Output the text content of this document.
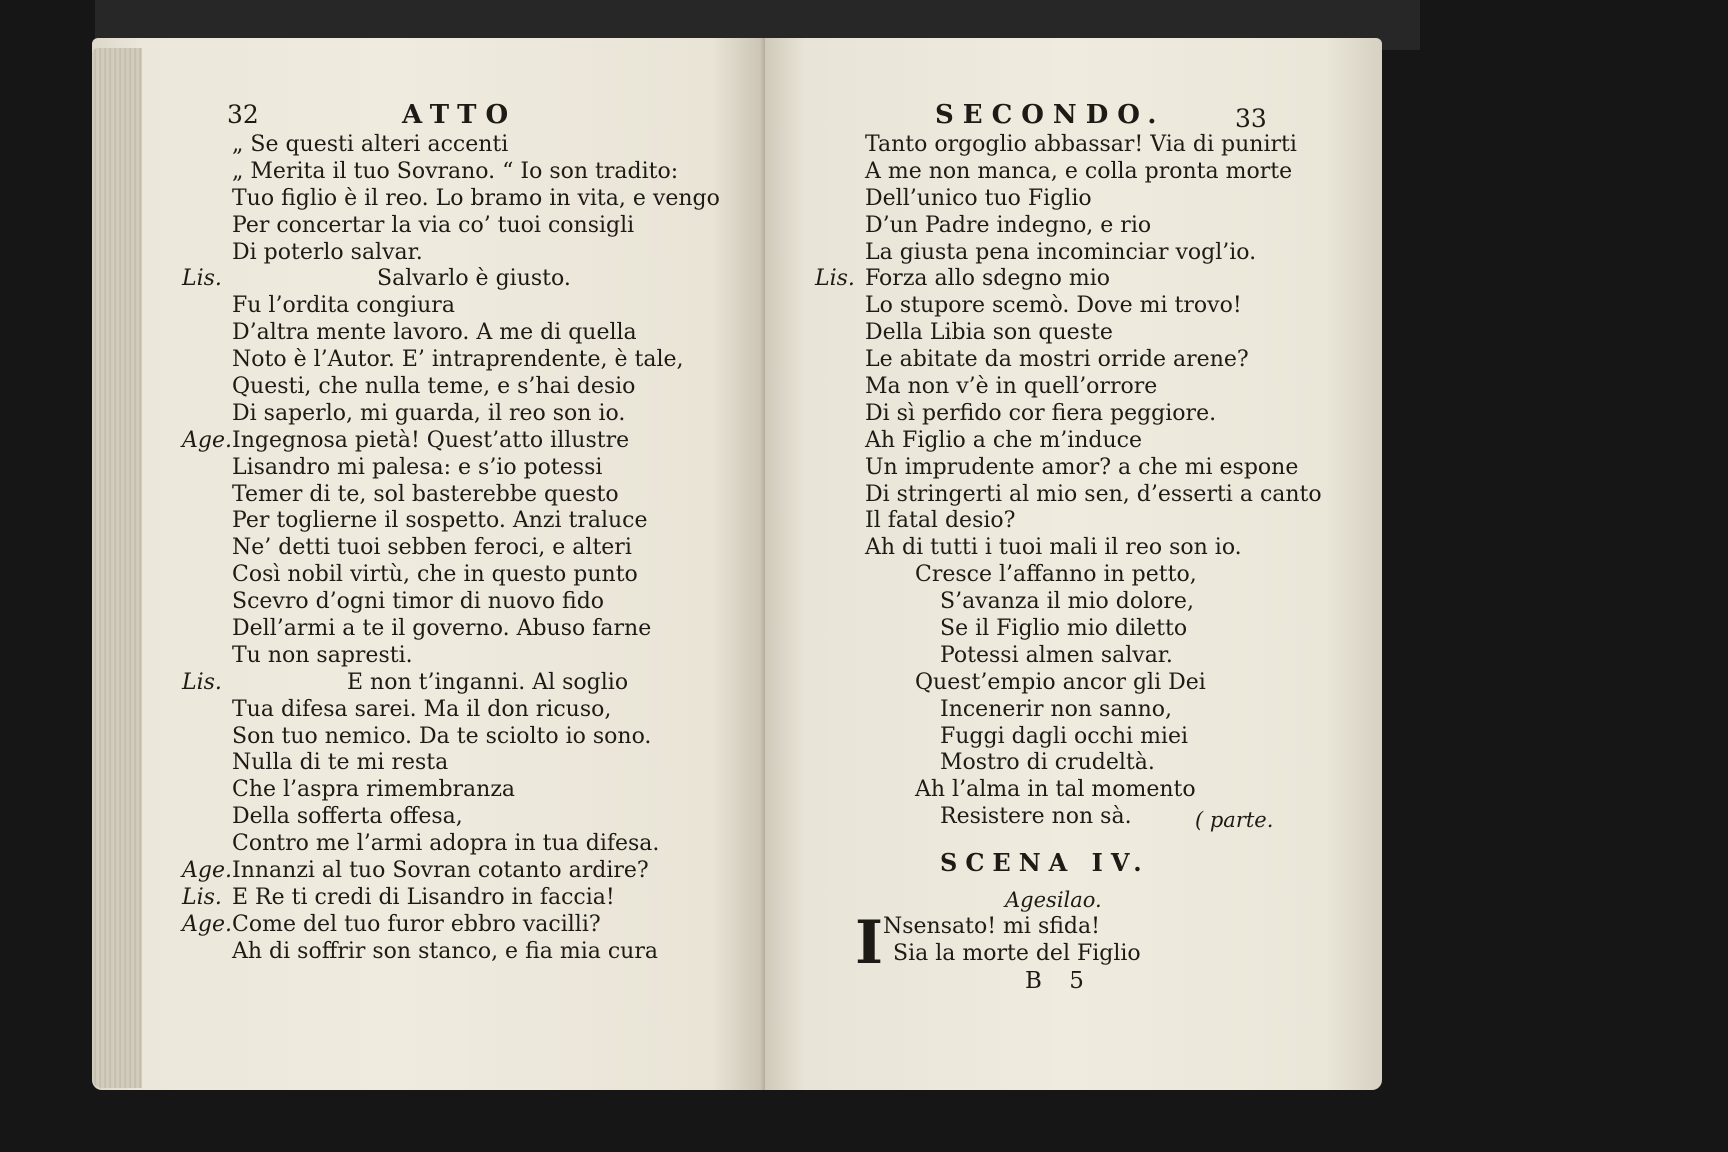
32	ATTO
„ Se questi alteri accenti
„ Merita il tuo Sovrano. “ Io son tradito:
Tuo figlio è il reo. Lo bramo in vita, e vengo
Per concertar la via co’ tuoi consigli
Di poterlo salvar.
Lis.	Salvarlo è giusto.
Fu l’ordita congiura
D’altra mente lavoro. A me di quella
Noto è l’Autor. E’ intraprendente, è tale,
Questi, che nulla teme, e s’hai desio
Di saperlo, mi guarda, il reo son io.
Age. Ingegnosa pietà! Quest’atto illustre
Lisandro mi palesa: e s’io potessi
Temer di te, sol basterebbe questo
Per toglierne il sospetto. Anzi traluce
Ne’ detti tuoi sebben feroci, e alteri
Così nobil virtù, che in questo punto
Scevro d’ogni timor di nuovo fido
Dell’armi a te il governo. Abuso farne
Tu non sapresti.
Lis.	E non t’inganni. Al soglio
Tua difesa sarei. Ma il don ricuso,
Son tuo nemico. Da te sciolto io sono.
Nulla di te mi resta
Che l’aspra rimembranza
Della sofferta offesa,
Contro me l’armi adopra in tua difesa.
Age. Innanzi al tuo Sovran cotanto ardire?
Lis. E Re ti credi di Lisandro in faccia!
Age. Come del tuo furor ebbro vacilli?
Ah di soffrir son stanco, e fia mia cura
SECONDO.	33
Tanto orgoglio abbassar! Via di punirti
A me non manca, e colla pronta morte
Dell’unico tuo Figlio
D’un Padre indegno, e rio
La giusta pena incominciar vogl’io.
Lis. Forza allo sdegno mio
Lo stupore scemò. Dove mi trovo!
Della Libia son queste
Le abitate da mostri orride arene?
Ma non v’è in quell’orrore
Di sì perfido cor fiera peggiore.
Ah Figlio a che m’induce
Un imprudente amor? a che mi espone
Di stringerti al mio sen, d’esserti a canto
Il fatal desio?
Ah di tutti i tuoi mali il reo son io.
Cresce l’affanno in petto,
S’avanza il mio dolore,
Se il Figlio mio diletto
Potessi almen salvar.
Quest’empio ancor gli Dei
Incenerir non sanno,
Fuggi dagli occhi miei
Mostro di crudeltà.
Ah l’alma in tal momento
Resistere non sà.	( parte.
SCENA IV.
Agesilao.
I Nsensato! mi sfida!
Sia la morte del Figlio
B 5
